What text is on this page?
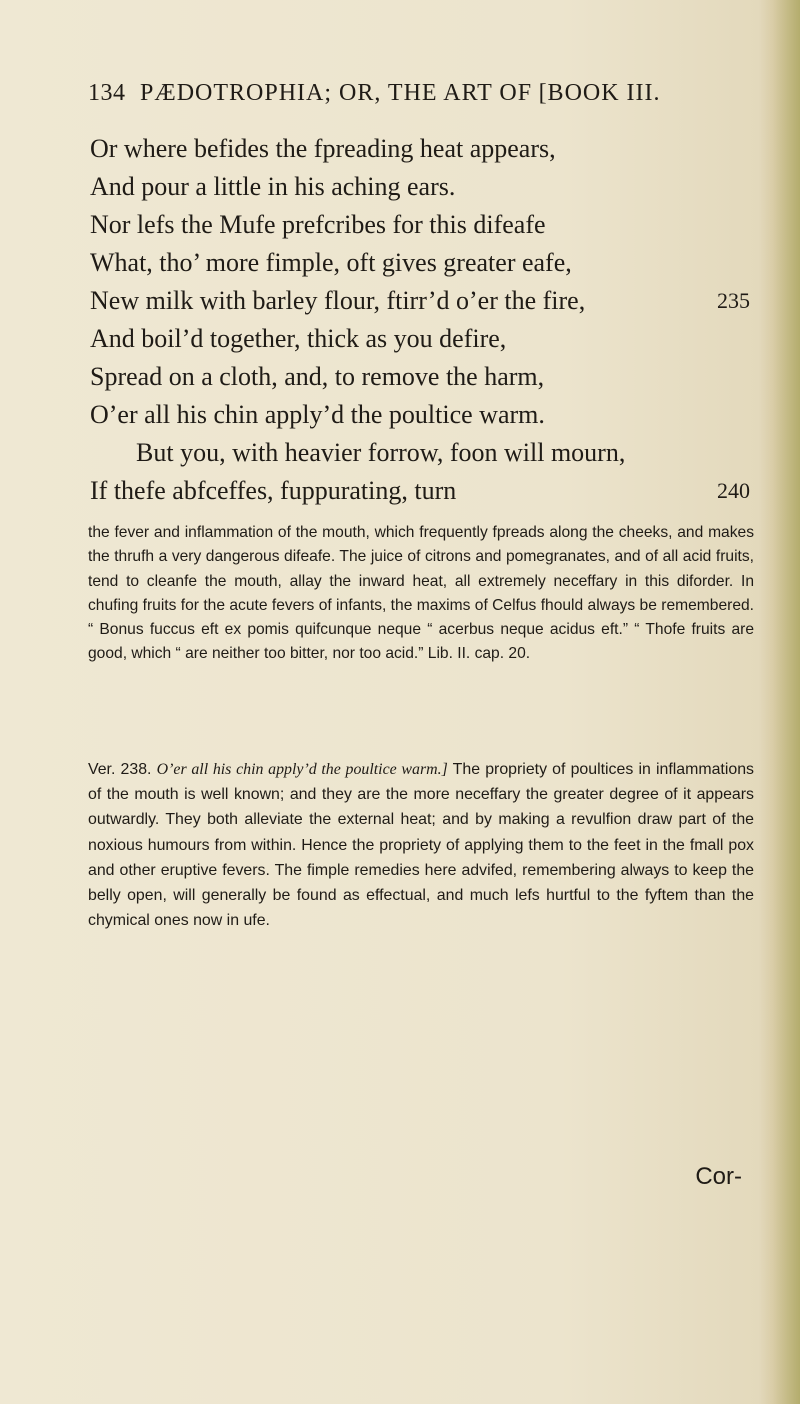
134 PÆDOTROPHIA; OR, THE ART OF [BOOK III.
Or where befides the fpreading heat appears,
And pour a little in his aching ears.
Nor lefs the Mufe prefcribes for this difeafe
What, tho’ more fimple, oft gives greater eafe,
New milk with barley flour, ftirr’d o’er the fire,	235
And boil’d together, thick as you defire,
Spread on a cloth, and, to remove the harm,
O’er all his chin apply’d the poultice warm.
But you, with heavier forrow, foon will mourn,
If thefe abfceffes, fuppurating, turn	240

the fever and inflammation of the mouth, which frequently fpreads along the cheeks, and makes the thrufh a very dangerous difeafe. The juice of citrons and pomegranates, and of all acid fruits, tend to cleanfe the mouth, allay the inward heat, all extremely neceffary in this diforder. In chufing fruits for the acute fevers of infants, the maxims of Celfus fhould always be remembered. “ Bonus fuccus eft ex pomis quifcunque neque “ acerbus neque acidus eft.” “ Thofe fruits are good, which “ are neither too bitter, nor too acid.” Lib. II. cap. 20.

Ver. 238. O’er all his chin apply’d the poultice warm.] The propriety of poultices in inflammations of the mouth is well known; and they are the more neceffary the greater degree of it appears outwardly. They both alleviate the external heat; and by making a revulfion draw part of the noxious humours from within. Hence the propriety of applying them to the feet in the fmall pox and other eruptive fevers. The fimple remedies here advifed, remembering always to keep the belly open, will generally be found as effectual, and much lefs hurtful to the fyftem than the chymical ones now in ufe.

Cor-
